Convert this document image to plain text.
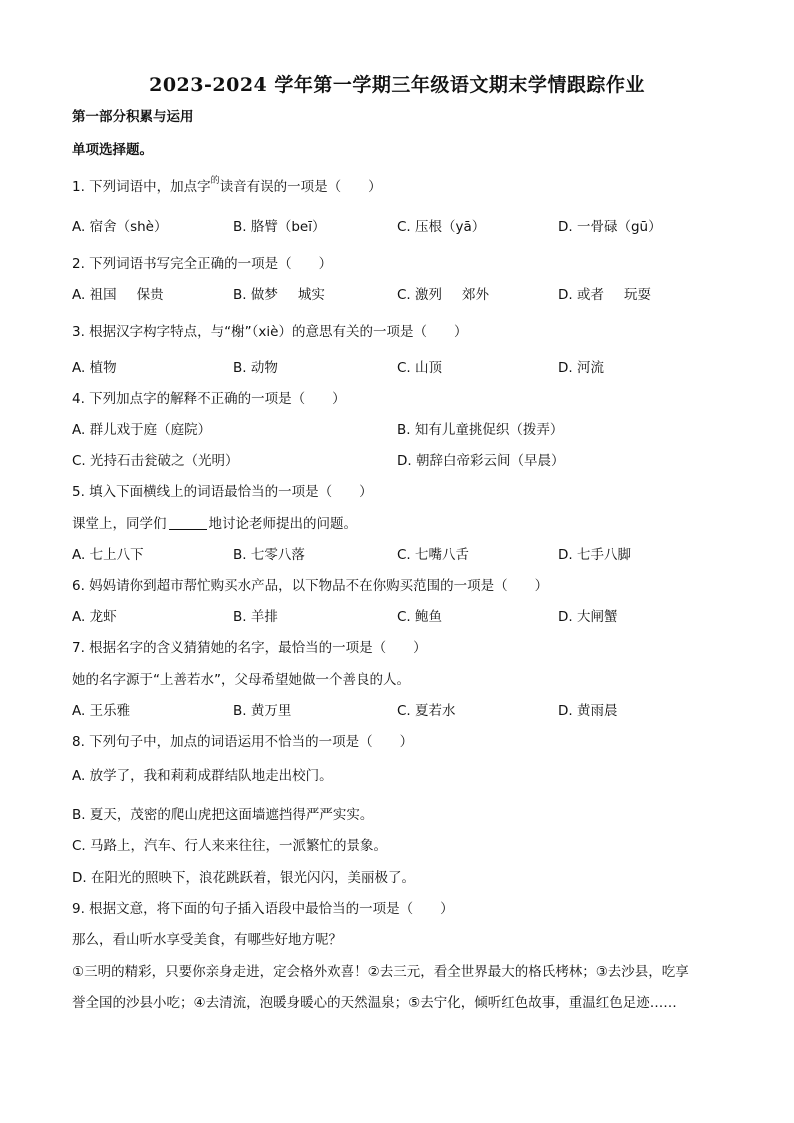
2023-2024 学年第一学期三年级语文期末学情跟踪作业
第一部分积累与运用
单项选择题。
1. 下列词语中，加点字$^的$读音有误的一项是（　　）
A. 宿舍（shè）	B. 胳臂（beī）	C. 压根（yā）	D. 一骨碌（gū）
2. 下列词语书写完全正确的一项是（　　）
A. 祖国 保贵	B. 做梦 城实	C. 激列 郊外	D. 或者 玩耍
3. 根据汉字构字特点，与“榭”（xiè）的意思有关的一项是（　　）
A. 植物	B. 动物	C. 山顶	D. 河流
4. 下列加点字的解释不正确的一项是（　　）
A. 群儿戏于庭（庭院）	B. 知有儿童挑促织（拨弄）
C. 光持石击瓮破之（光明）	D. 朝辞白帝彩云间（早晨）
5. 填入下面横线上的词语最恰当的一项是（　　）
课堂上，同学们	地讨论老师提出的问题。
A. 七上八下	B. 七零八落	C. 七嘴八舌	D. 七手八脚
6. 妈妈请你到超市帮忙购买水产品，以下物品不在你购买范围的一项是（　　）
A. 龙虾	B. 羊排	C. 鲍鱼	D. 大闸蟹
7. 根据名字的含义猜猜她的名字，最恰当的一项是（　　）
她的名字源于“上善若水”，父母希望她做一个善良的人。
A. 王乐雅	B. 黄万里	C. 夏若水	D. 黄雨晨
8. 下列句子中，加点的词语运用不恰当的一项是（　　）
A. 放学了，我和莉莉成群结队地走出校门。
B. 夏天，茂密的爬山虎把这面墙遮挡得严严实实。
C. 马路上，汽车、行人来来往往，一派繁忙的景象。
D. 在阳光的照映下，浪花跳跃着，银光闪闪，美丽极了。
9. 根据文意，将下面的句子插入语段中最恰当的一项是（　　）
那么，看山听水享受美食，有哪些好地方呢？
①三明的精彩，只要你亲身走进，定会格外欢喜！②去三元，看全世界最大的格氏栲林；③去沙县，吃享
誉全国的沙县小吃；④去清流，泡暖身暖心的天然温泉；⑤去宁化，倾听红色故事，重温红色足迹……
